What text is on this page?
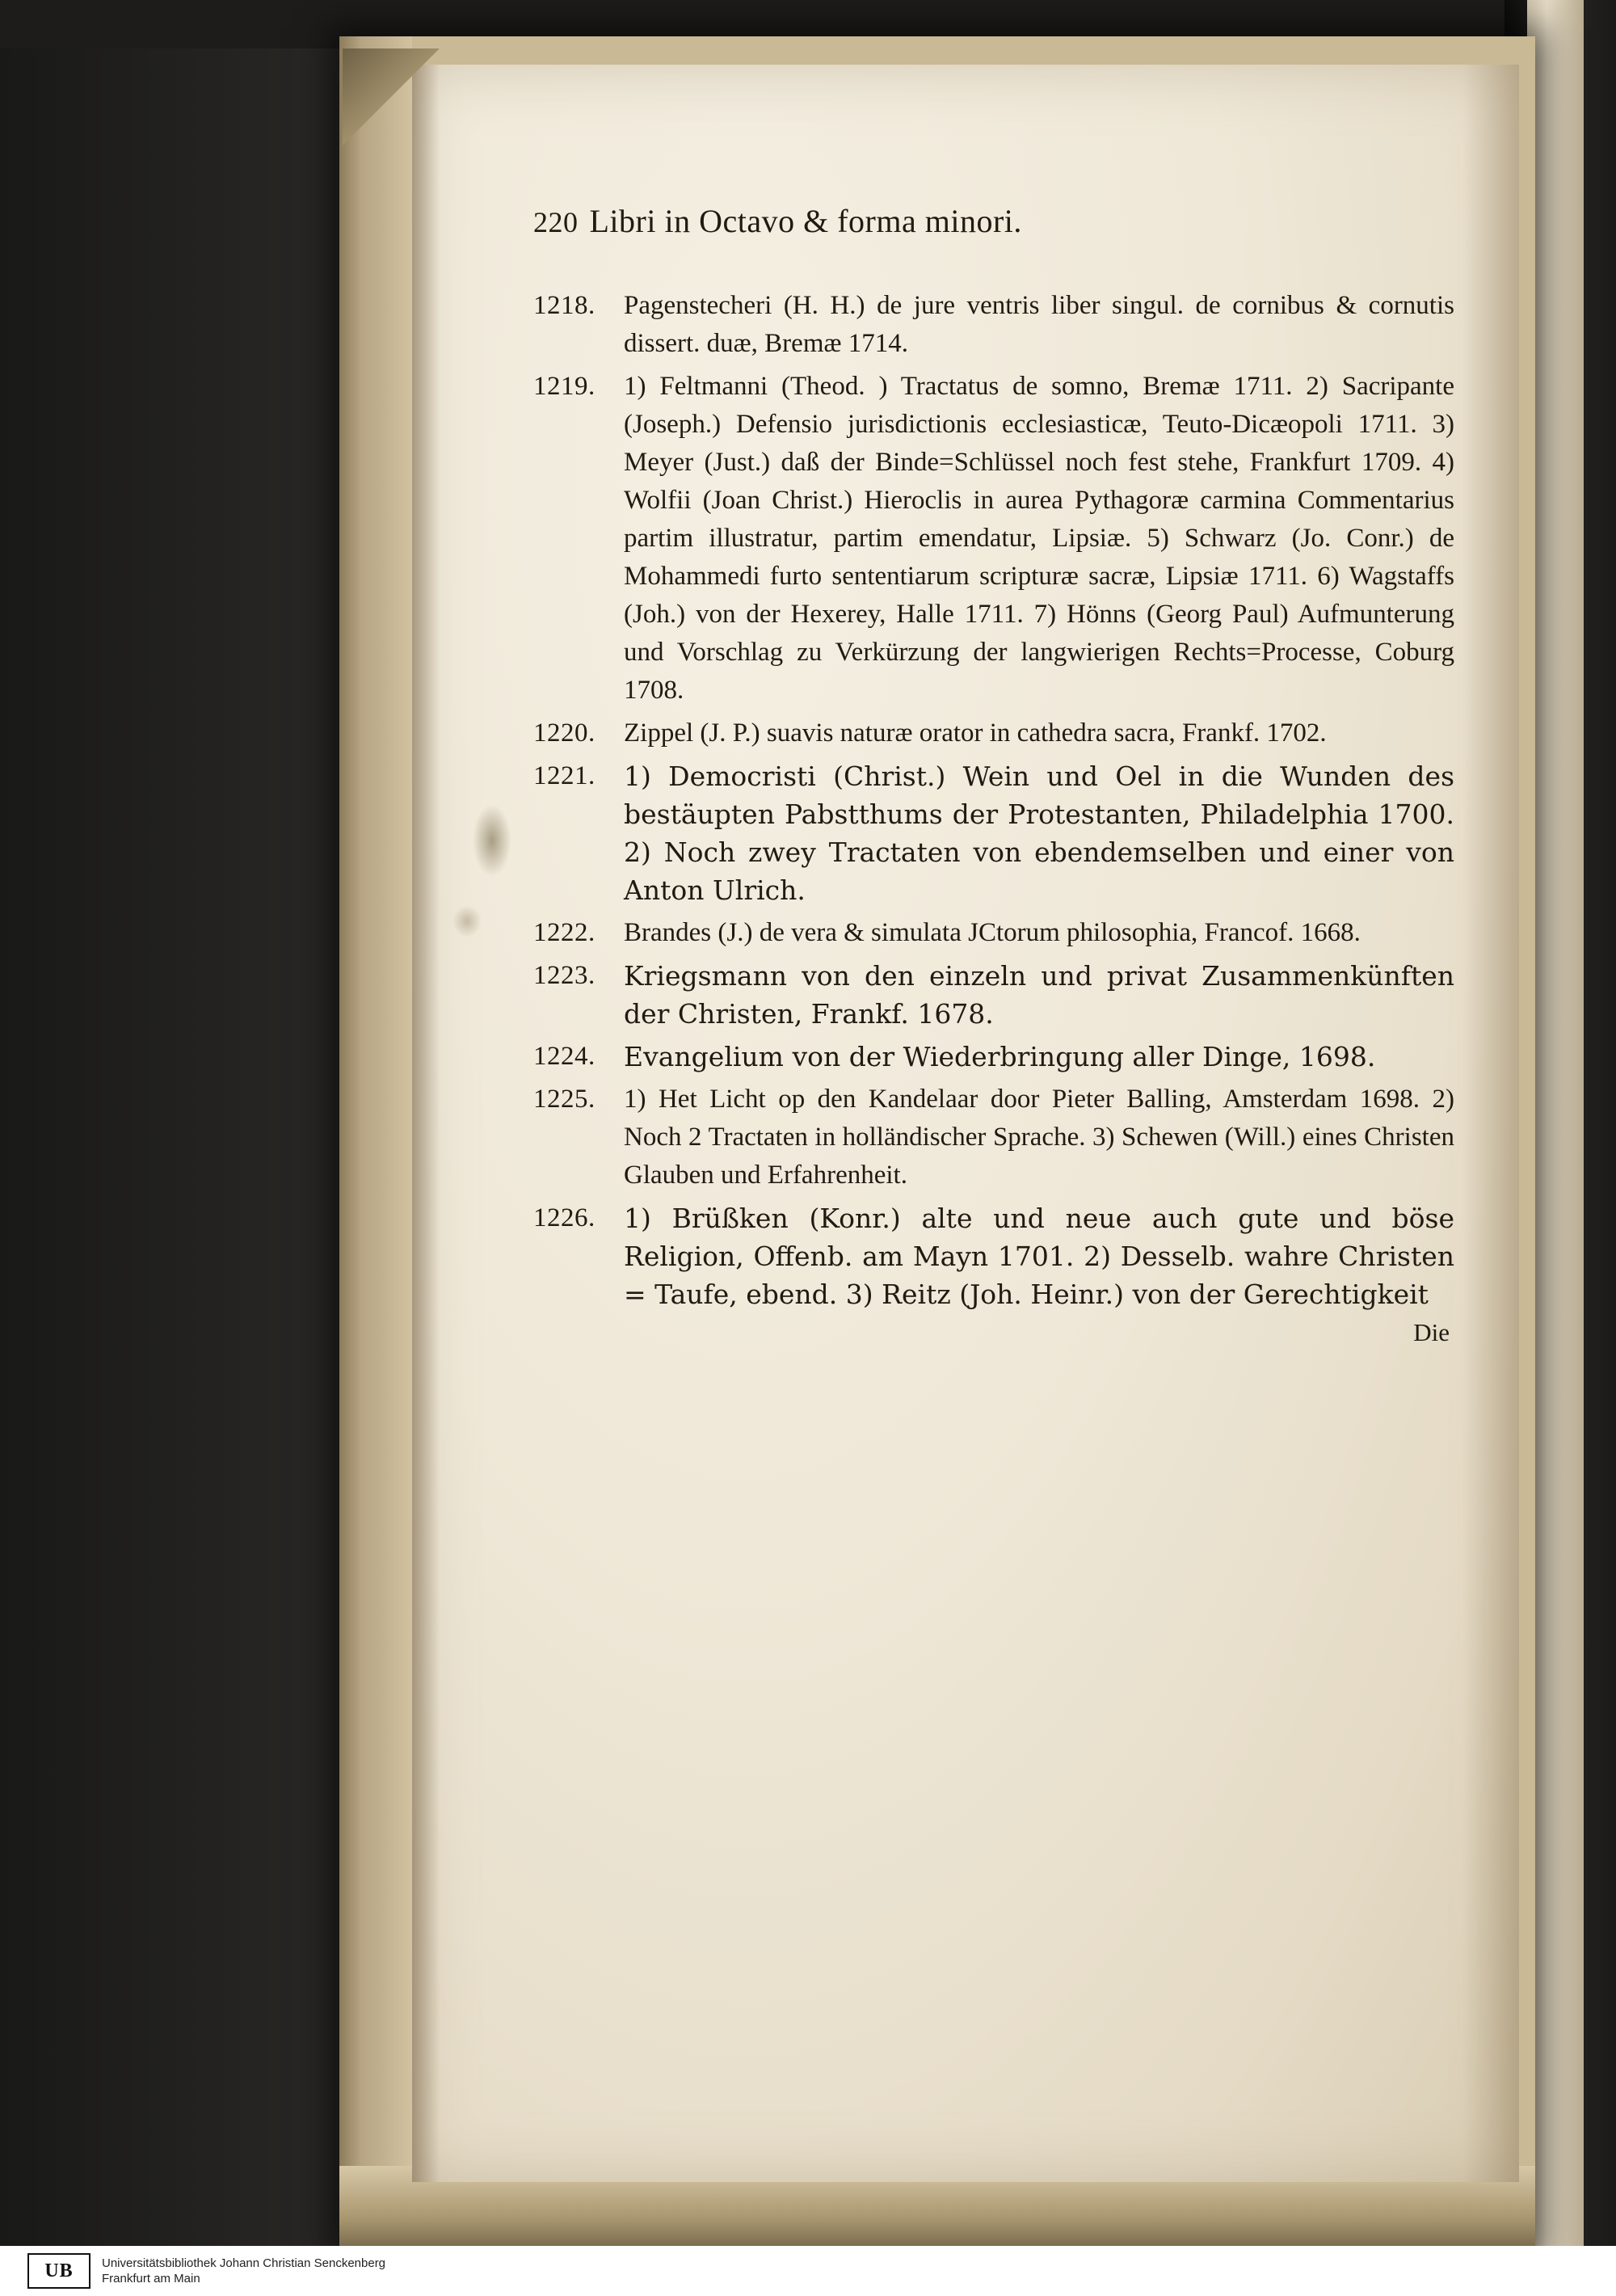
220 Libri in Octavo & forma minori.
1218.	Pagenstecheri (H. H.) de jure ventris liber singul. de cornibus & cornutis dissert. duæ, Bremæ 1714.
1219.	1) Feltmanni (Theod. ) Tractatus de somno, Bremæ 1711. 2) Sacripante (Joseph.) Defensio jurisdictionis ecclesiasticæ, Teuto-Dicæopoli 1711. 3) Meyer (Just.) daß der Binde=Schlüssel noch fest stehe, Frankfurt 1709. 4) Wolfii (Joan Christ.) Hieroclis in aurea Pythagoræ carmina Commentarius partim illustratur, partim emendatur, Lipsiæ. 5) Schwarz (Jo. Conr.) de Mohammedi furto sententiarum scripturæ sacræ, Lipsiæ 1711. 6) Wagstaffs (Joh.) von der Hexerey, Halle 1711. 7) Hönns (Georg Paul) Aufmunterung und Vorschlag zu Verkürzung der langwierigen Rechts=Processe, Coburg 1708.
1220.	Zippel (J. P.) suavis naturæ orator in cathedra sacra, Frankf. 1702.
1221.	1) Democristi (Christ.) Wein und Oel in die Wunden des bestäupten Pabstthums der Protestanten, Philadelphia 1700. 2) Noch zwey Tractaten von ebendemselben und einer von Anton Ulrich.
1222.	Brandes (J.) de vera & simulata JCtorum philosophia, Francof. 1668.
1223.	Kriegsmann von den einzeln und privat Zusammenkünften der Christen, Frankf. 1678.
1224.	Evangelium von der Wiederbringung aller Dinge, 1698.
1225.	1) Het Licht op den Kandelaar door Pieter Balling, Amsterdam 1698. 2) Noch 2 Tractaten in holländischer Sprache. 3) Schewen (Will.) eines Christen Glauben und Erfahrenheit.
1226.	1) Brüßken (Konr.) alte und neue auch gute und böse Religion, Offenb. am Mayn 1701. 2) Desselb. wahre Christen = Taufe, ebend. 3) Reitz (Joh. Heinr.) von der Gerechtigkeit
Die
UB	Universitätsbibliothek Johann Christian Senckenberg
Frankfurt am Main
